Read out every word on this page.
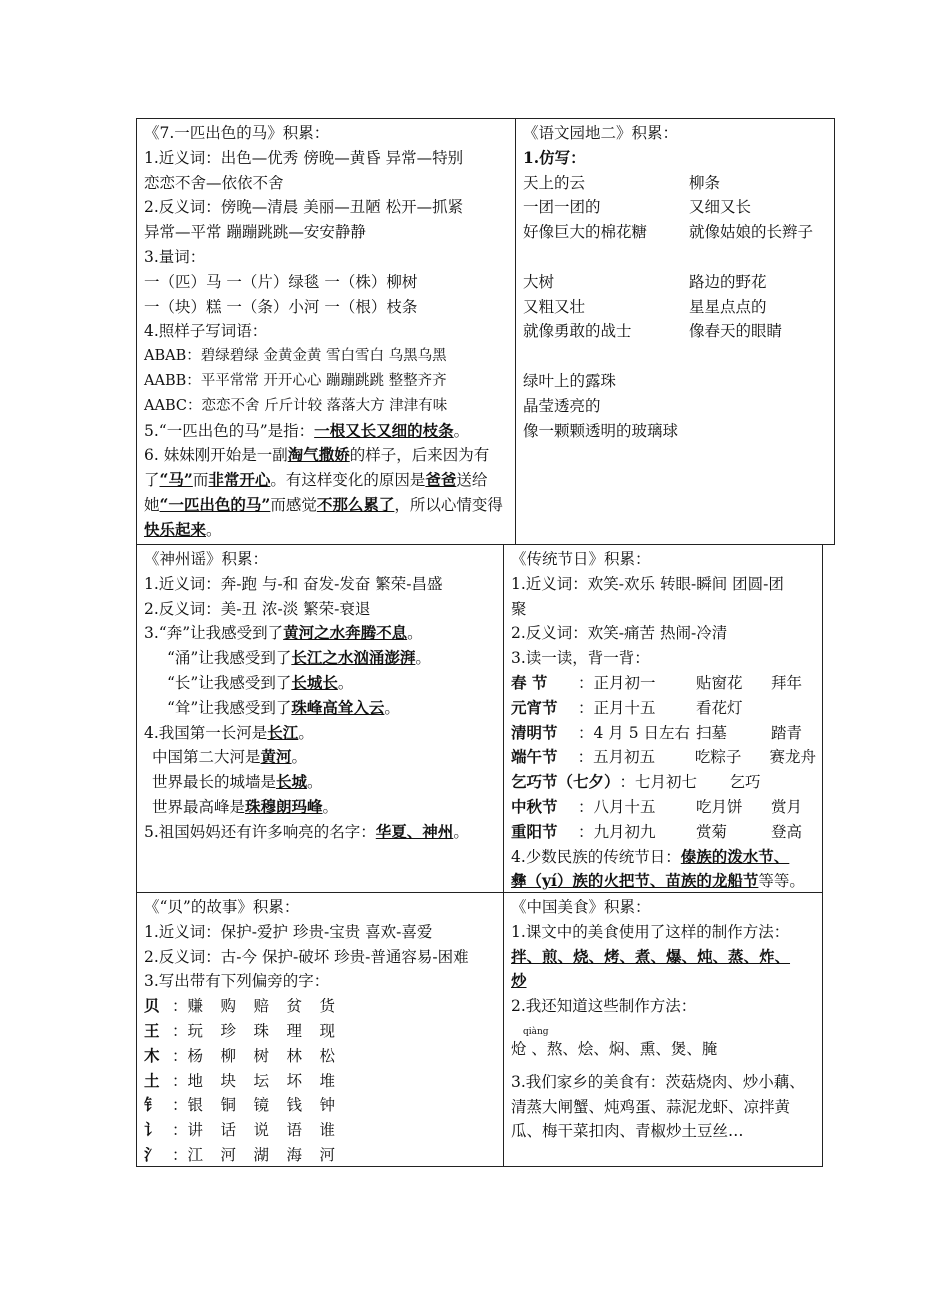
《7.一匹出色的马》积累：
1.近义词：出色—优秀 傍晚—黄昏 异常—特别
恋恋不舍—依依不舍
2.反义词：傍晚—清晨 美丽—丑陋 松开—抓紧
异常—平常 蹦蹦跳跳—安安静静
3.量词：
一（匹）马 一（片）绿毯 一（株）柳树
一（块）糕 一（条）小河 一（根）枝条
4.照样子写词语：
ABAB：碧绿碧绿 金黄金黄 雪白雪白 乌黑乌黑
AABB：平平常常 开开心心 蹦蹦跳跳 整整齐齐
AABC：恋恋不舍 斤斤计较 落落大方 津津有味
5.“一匹出色的马”是指：一根又长又细的枝条。
6. 妹妹刚开始是一副淘气撒娇的样子，后来因为有了“马”而非常开心。有这样变化的原因是爸爸送给她“一匹出色的马”而感觉不那么累了，所以心情变得快乐起来。
《语文园地二》积累：
1.仿写：
天上的云	柳条
一团一团的	又细又长
好像巨大的棉花糖	就像姑娘的长辫子
大树	路边的野花
又粗又壮	星星点点的
就像勇敢的战士	像春天的眼睛
绿叶上的露珠
晶莹透亮的
像一颗颗透明的玻璃球
《神州谣》积累：
1.近义词：奔-跑 与-和 奋发-发奋 繁荣-昌盛
2.反义词：美-丑 浓-淡 繁荣-衰退
3.“奔”让我感受到了黄河之水奔腾不息。
“涌”让我感受到了长江之水汹涌澎湃。
“长”让我感受到了长城长。
“耸”让我感受到了珠峰高耸入云。
4.我国第一长河是长江。
中国第二大河是黄河。
世界最长的城墙是长城。
世界最高峰是珠穆朗玛峰。
5.祖国妈妈还有许多响亮的名字：华夏、神州。
《传统节日》积累：
1.近义词：欢笑-欢乐 转眼-瞬间 团圆-团
聚
2.反义词：欢笑-痛苦 热闹-冷清
3.读一读，背一背：
春 节	：正月初一	贴窗花	拜年
元宵节	：正月十五	看花灯
清明节	：4 月 5 日左右 扫墓	踏青
端午节	：五月初五	吃粽子	赛龙舟
乞巧节（七夕） ：七月初七	乞巧
中秋节	：八月十五	吃月饼	赏月
重阳节	：九月初九	赏菊	登高
4.少数民族的传统节日：傣族的泼水节、
彝（yí）族的火把节、苗族的龙船节等等。
《“贝”的故事》积累：
1.近义词：保护-爱护 珍贵-宝贵 喜欢-喜爱
2.反义词：古-今 保护-破坏 珍贵-普通容易-困难
3.写出带有下列偏旁的字：
贝 ：赚 购 赔 贫 货
王 ：玩 珍 珠 理 现
木 ：杨 柳 树 林 松
土 ：地 块 坛 坏 堆
钅 ：银 铜 镜 钱 钟
讠 ：讲 话 说 语 谁
氵 ：江 河 湖 海 河
《中国美食》积累：
1.课文中的美食使用了这样的制作方法：
拌、煎、烧、烤、煮、爆、炖、蒸、炸、
炒
2.我还知道这些制作方法：
qiàng
炝 、熬、烩、焖、熏、煲、腌
3.我们家乡的美食有：茨菇烧肉、炒小藕、
清蒸大闸蟹、炖鸡蛋、蒜泥龙虾、凉拌黄
瓜、梅干菜扣肉、青椒炒土豆丝…
